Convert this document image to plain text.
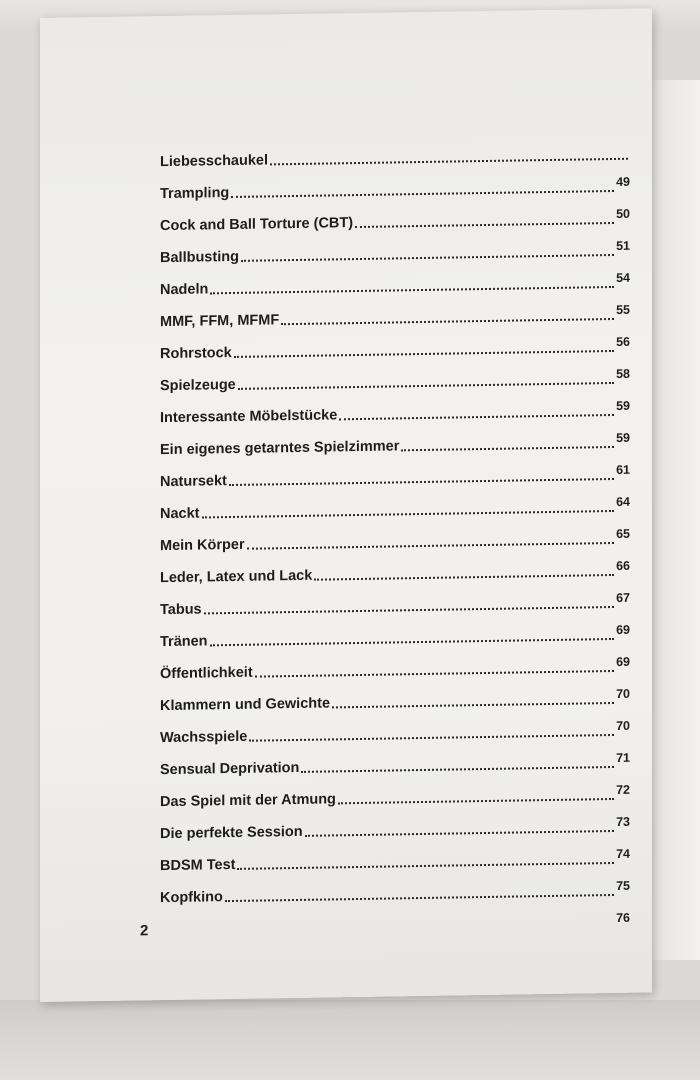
Liebesschaukel
Trampling
49
Cock and Ball Torture (CBT)
50
Ballbusting
51
Nadeln
54
MMF, FFM, MFMF
55
Rohrstock
56
Spielzeuge
58
Interessante Möbelstücke
59
Ein eigenes getarntes Spielzimmer
59
Natursekt
61
Nackt
64
Mein Körper
65
Leder, Latex und Lack
66
Tabus
67
Tränen
69
Öffentlichkeit
69
Klammern und Gewichte
70
Wachsspiele
70
Sensual Deprivation
71
Das Spiel mit der Atmung
72
Die perfekte Session
73
BDSM Test
74
Kopfkino
75
76
2
